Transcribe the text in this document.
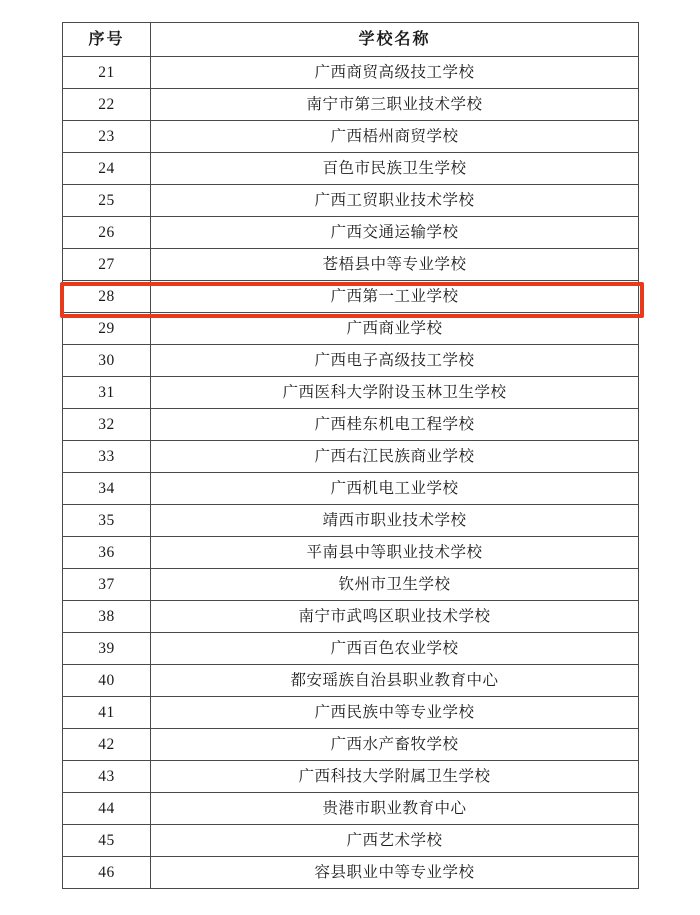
序号	学校名称
21	广西商贸高级技工学校
22	南宁市第三职业技术学校
23	广西梧州商贸学校
24	百色市民族卫生学校
25	广西工贸职业技术学校
26	广西交通运输学校
27	苍梧县中等专业学校
28	广西第一工业学校
29	广西商业学校
30	广西电子高级技工学校
31	广西医科大学附设玉林卫生学校
32	广西桂东机电工程学校
33	广西右江民族商业学校
34	广西机电工业学校
35	靖西市职业技术学校
36	平南县中等职业技术学校
37	钦州市卫生学校
38	南宁市武鸣区职业技术学校
39	广西百色农业学校
40	都安瑶族自治县职业教育中心
41	广西民族中等专业学校
42	广西水产畜牧学校
43	广西科技大学附属卫生学校
44	贵港市职业教育中心
45	广西艺术学校
46	容县职业中等专业学校
